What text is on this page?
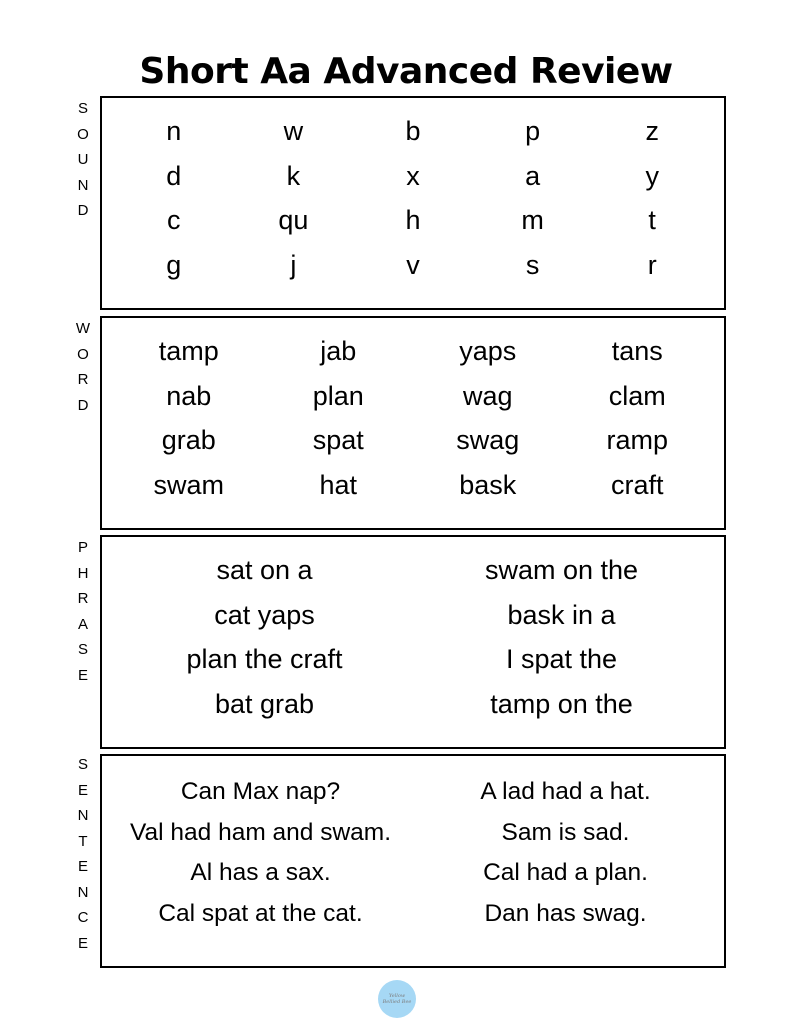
Short Aa Advanced Review
S
O
U
N
D
n	w	b	p	z
d	k	x	a	y
c	qu	h	m	t
g	j	v	s	r
W
O
R
D
tamp	jab	yaps	tans
nab	plan	wag	clam
grab	spat	swag	ramp
swam	hat	bask	craft
P
H
R
A
S
E
sat on a	swam on the
cat yaps	bask in a
plan the craft	I spat the
bat grab	tamp on the
S
E
N
T
E
N
C
E
Can Max nap?	A lad had a hat.
Val had ham and swam.	Sam is sad.
Al has a sax.	Cal had a plan.
Cal spat at the cat.	Dan has swag.
Yellow Bellied Bee
